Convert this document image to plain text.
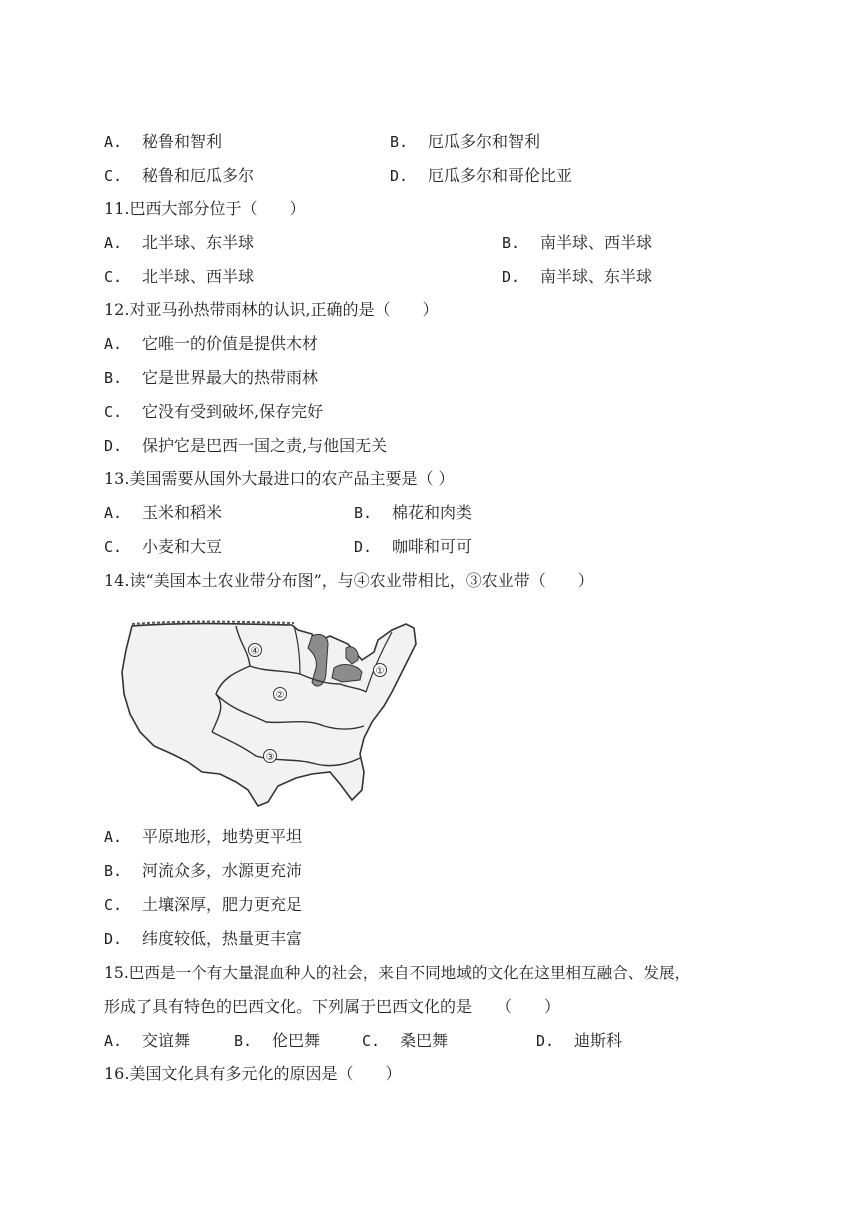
A. 秘鲁和智利	B. 厄瓜多尔和智利
C. 秘鲁和厄瓜多尔	D. 厄瓜多尔和哥伦比亚
11.巴西大部分位于（　　）
A. 北半球、东半球	B. 南半球、西半球
C. 北半球、西半球	D. 南半球、东半球
12.对亚马孙热带雨林的认识,正确的是（　　）
A. 它唯一的价值是提供木材
B. 它是世界最大的热带雨林
C. 它没有受到破坏,保存完好
D. 保护它是巴西一国之责,与他国无关
13.美国需要从国外大最进口的农产品主要是（ ）
A. 玉米和稻米	B. 棉花和肉类
C. 小麦和大豆	D. 咖啡和可可
14.读“美国本土农业带分布图”，与④农业带相比，③农业带（　　）
④
②
①
③
A. 平原地形，地势更平坦
B. 河流众多，水源更充沛
C. 土壤深厚，肥力更充足
D. 纬度较低，热量更丰富
15.巴西是一个有大量混血种人的社会，来自不同地域的文化在这里相互融合、发展，
形成了具有特色的巴西文化。下列属于巴西文化的是　　（　　）
A. 交谊舞	B. 伦巴舞	C. 桑巴舞	D. 迪斯科
16.美国文化具有多元化的原因是（　　）
